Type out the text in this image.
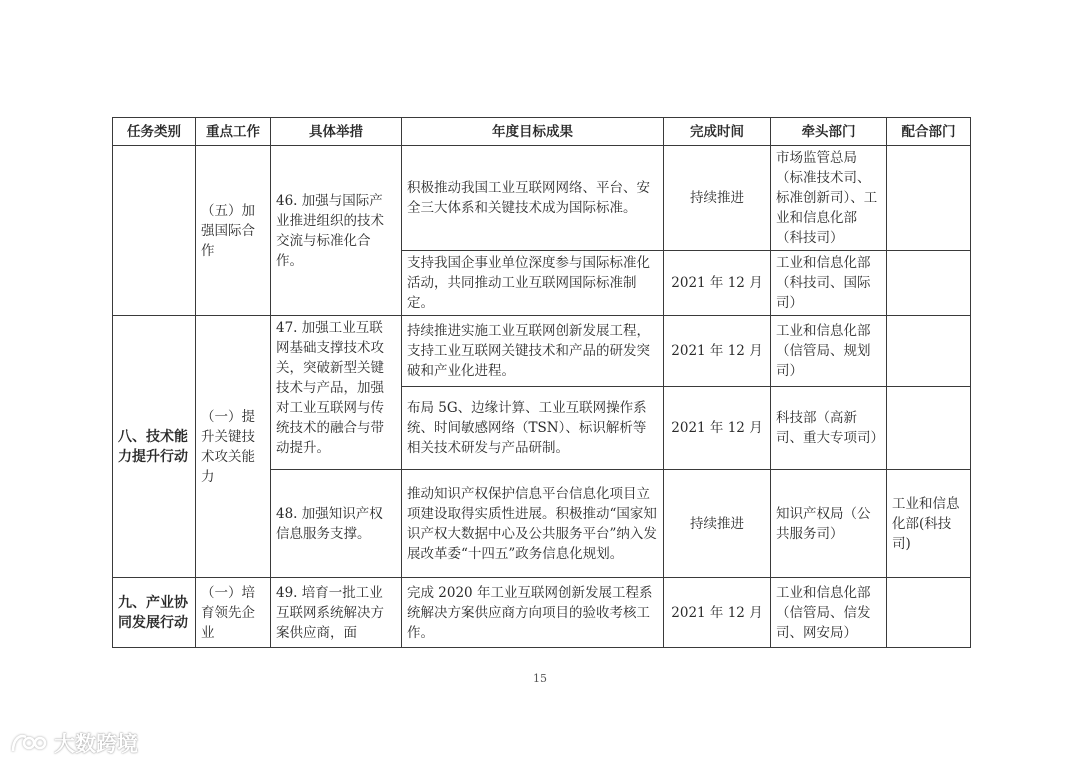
任务类别	重点工作	具体举措	年度目标成果	完成时间	牵头部门	配合部门
	（五）加强国际合作	46. 加强与国际产业推进组织的技术交流与标准化合作。	积极推动我国工业互联网网络、平台、安全三大体系和关键技术成为国际标准。	持续推进	市场监管总局（标准技术司、标准创新司）、工业和信息化部（科技司）	
			支持我国企事业单位深度参与国际标准化活动，共同推动工业互联网国际标准制定。	2021 年 12 月	工业和信息化部（科技司、国际司）	
八、技术能力提升行动	（一）提升关键技术攻关能力	47. 加强工业互联网基础支撑技术攻关，突破新型关键技术与产品，加强对工业互联网与传统技术的融合与带动提升。	持续推进实施工业互联网创新发展工程，支持工业互联网关键技术和产品的研发突破和产业化进程。	2021 年 12 月	工业和信息化部（信管局、规划司）	
			布局 5G、边缘计算、工业互联网操作系统、时间敏感网络（TSN）、标识解析等相关技术研发与产品研制。	2021 年 12 月	科技部（高新司、重大专项司）	
		48. 加强知识产权信息服务支撑。	推动知识产权保护信息平台信息化项目立项建设取得实质性进展。积极推动“国家知识产权大数据中心及公共服务平台”纳入发展改革委“十四五”政务信息化规划。	持续推进	知识产权局（公共服务司）	工业和信息化部(科技司)
九、产业协同发展行动	（一）培育领先企业	49. 培育一批工业互联网系统解决方案供应商，面	完成 2020 年工业互联网创新发展工程系统解决方案供应商方向项目的验收考核工作。	2021 年 12 月	工业和信息化部（信管局、信发司、网安局）	
15
大数跨境
